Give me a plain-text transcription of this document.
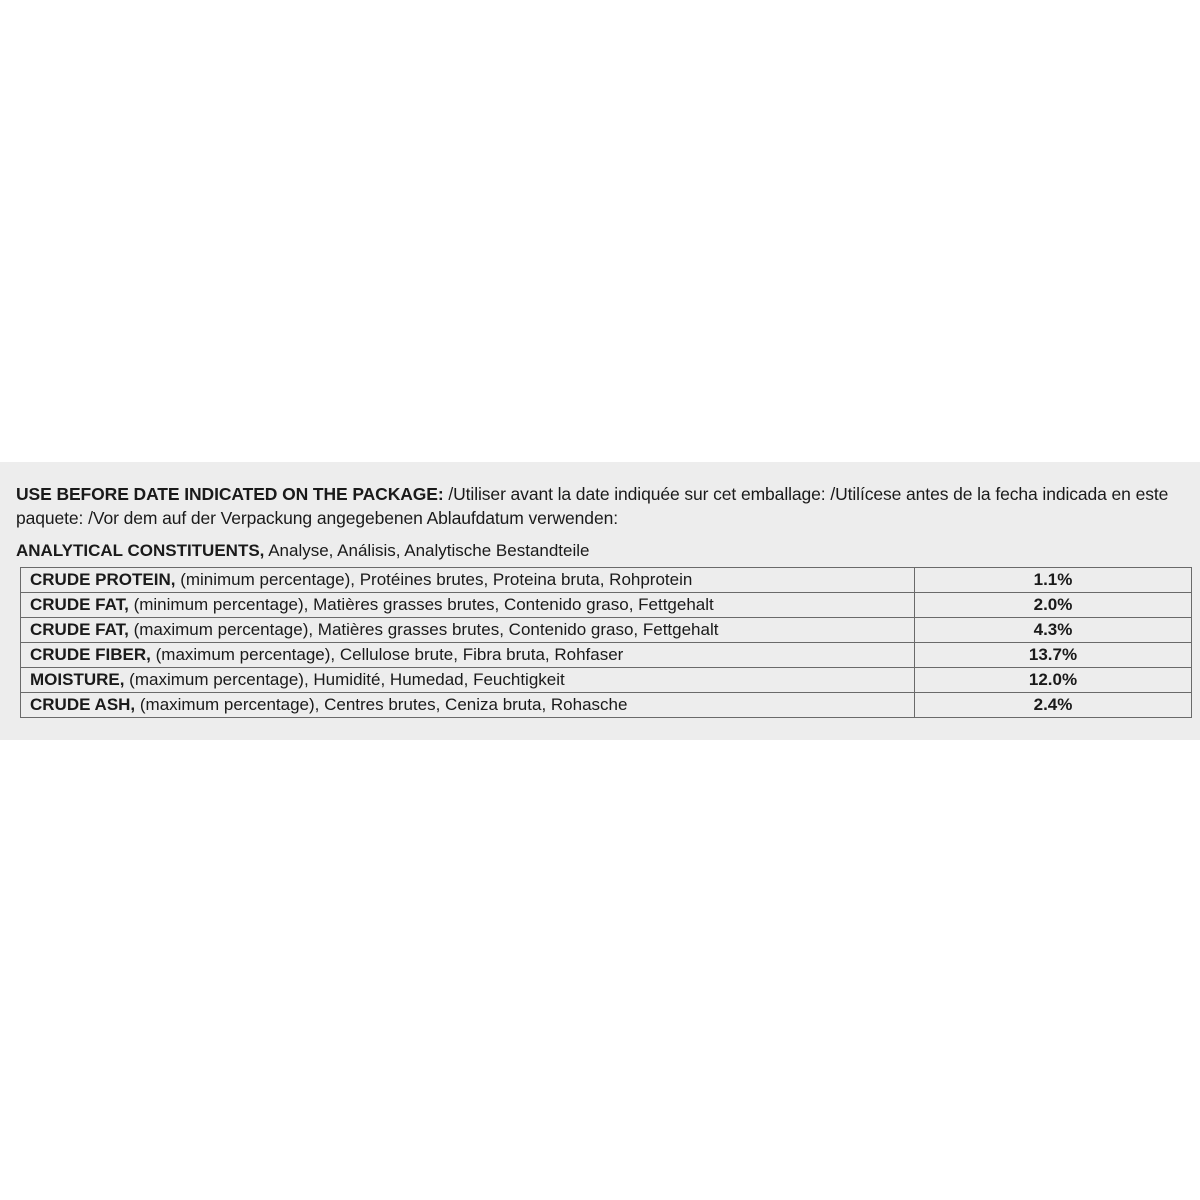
USE BEFORE DATE INDICATED ON THE PACKAGE: /Utiliser avant la date indiquée sur cet emballage: /Utilícese antes de la fecha indicada en este paquete: /Vor dem auf der Verpackung angegebenen Ablaufdatum verwenden:
ANALYTICAL CONSTITUENTS, Analyse, Análisis, Analytische Bestandteile
CRUDE PROTEIN, (minimum percentage), Protéines brutes, Proteina bruta, Rohprotein	1.1%
CRUDE FAT, (minimum percentage), Matières grasses brutes, Contenido graso, Fettgehalt	2.0%
CRUDE FAT, (maximum percentage), Matières grasses brutes, Contenido graso, Fettgehalt	4.3%
CRUDE FIBER, (maximum percentage), Cellulose brute, Fibra bruta, Rohfaser	13.7%
MOISTURE, (maximum percentage), Humidité, Humedad, Feuchtigkeit	12.0%
CRUDE ASH, (maximum percentage), Centres brutes, Ceniza bruta, Rohasche	2.4%
